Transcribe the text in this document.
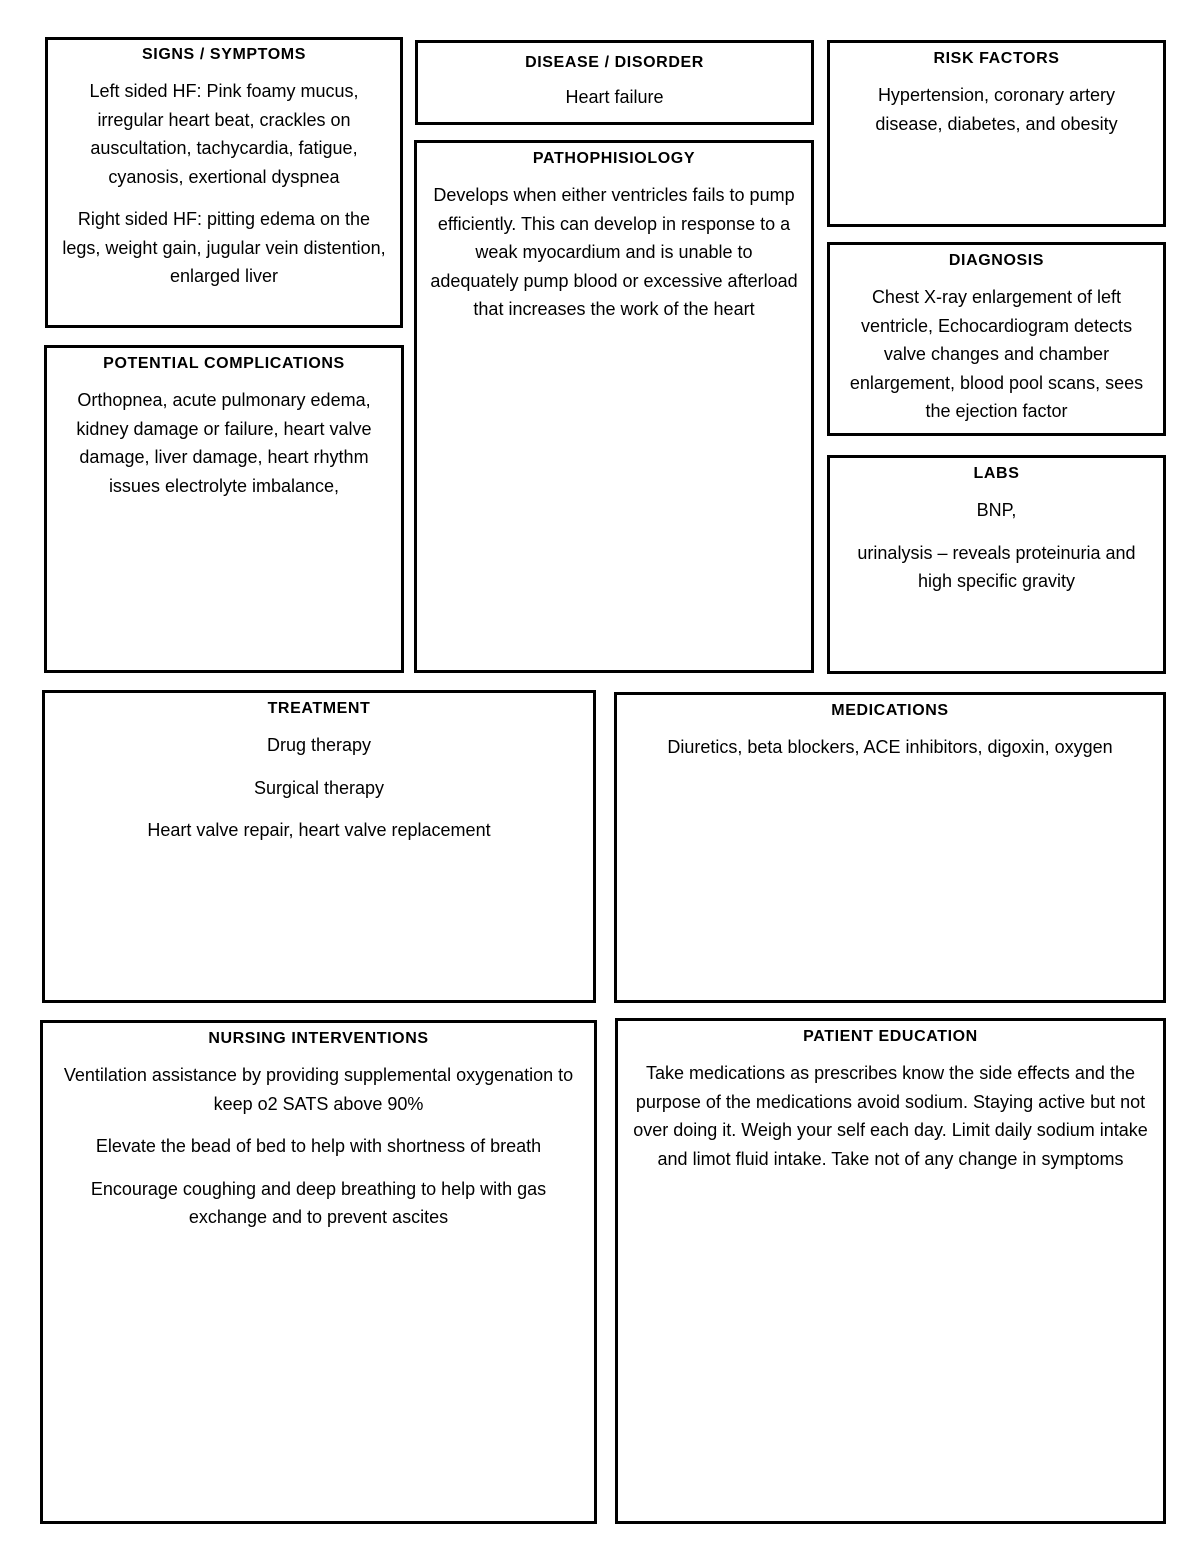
SIGNS / SYMPTOMS

Left sided HF: Pink foamy mucus, irregular heart beat, crackles on auscultation, tachycardia, fatigue, cyanosis, exertional dyspnea

Right sided HF: pitting edema on the legs, weight gain, jugular vein distention, enlarged liver

DISEASE / DISORDER

Heart failure

RISK FACTORS

Hypertension, coronary artery disease, diabetes, and obesity

PATHOPHISIOLOGY

Develops when either ventricles fails to pump efficiently. This can develop in response to a weak myocardium and is unable to adequately pump blood or excessive afterload that increases the work of the heart

DIAGNOSIS

Chest X-ray enlargement of left ventricle, Echocardiogram detects valve changes and chamber enlargement, blood pool scans, sees the ejection factor

POTENTIAL COMPLICATIONS

Orthopnea, acute pulmonary edema, kidney damage or failure, heart valve damage, liver damage, heart rhythm issues electrolyte imbalance,

LABS

BNP,

urinalysis – reveals proteinuria and high specific gravity

TREATMENT

Drug therapy

Surgical therapy

Heart valve repair, heart valve replacement

MEDICATIONS

Diuretics, beta blockers, ACE inhibitors, digoxin, oxygen

NURSING INTERVENTIONS

Ventilation assistance by providing supplemental oxygenation to keep o2 SATS above 90%

Elevate the bead of bed to help with shortness of breath

Encourage coughing and deep breathing to help with gas exchange and to prevent ascites

PATIENT EDUCATION

Take medications as prescribes know the side effects and the purpose of the medications avoid sodium. Staying active but not over doing it. Weigh your self each day. Limit daily sodium intake and limot fluid intake. Take not of any change in symptoms
